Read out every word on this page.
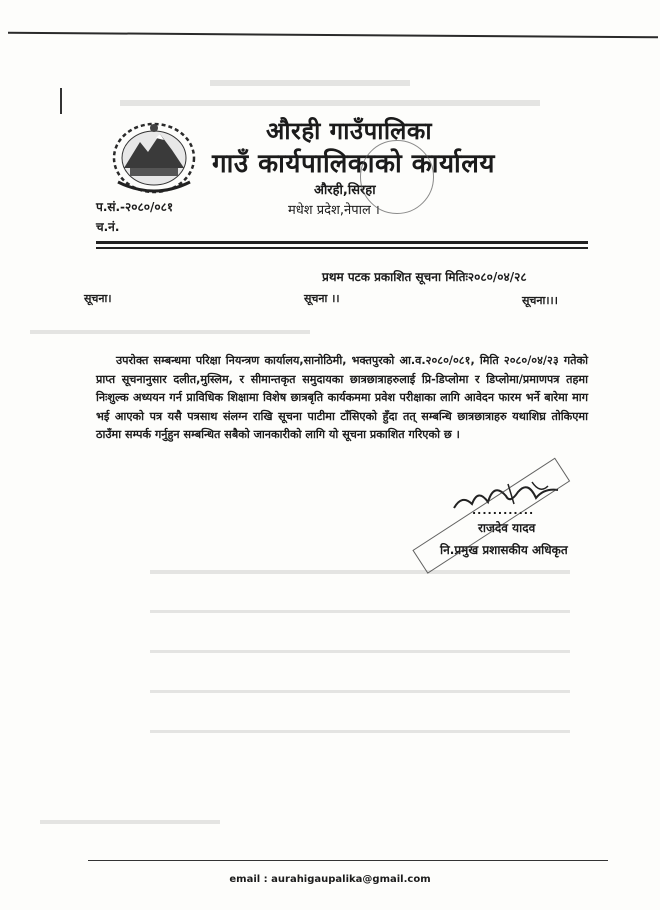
औरही गाउँपालिका
गाउँ कार्यपालिकाको कार्यालय
औरही,सिरहा
मधेश प्रदेश,नेपाल ।
प.सं.-२०८०/०८१
च.नं.
प्रथम पटक प्रकाशित सूचना मितिः२०८०/०४/२८
सूचना।	सूचना ।।	सूचना।।।
उपरोक्त सम्बन्धमा परिक्षा नियन्त्रण कार्यालय,सानोठिमी, भक्तपुरको आ.व.२०८०/०८१, मिति २०८०/०४/२३ गतेको प्राप्त सूचनानुसार दलीत,मुस्लिम, र सीमान्तकृत समुदायका छात्रछात्राहरुलाई प्रि-डिप्लोमा र डिप्लोमा/प्रमाणपत्र तहमा निःशुल्क अध्ययन गर्न प्राविधिक शिक्षामा विशेष छात्रबृति कार्यकममा प्रवेश परीक्षाका लागि आवेदन फारम भर्ने बारेमा माग भई आएको पत्र यसै पत्रसाथ संलग्न राखि सूचना पाटीमा टाँसिएको हुँदा तत् सम्बन्धि छात्रछात्राहरु यथाशिघ्र तोकिएमा ठाउँमा सम्पर्क गर्नुहुन सम्बन्धित सबैको जानकारीको लागि यो सूचना प्रकाशित गरिएको छ ।
............
राजदेव यादव
नि.प्रमुख प्रशासकीय अधिकृत
email : aurahigaupalika@gmail.com
